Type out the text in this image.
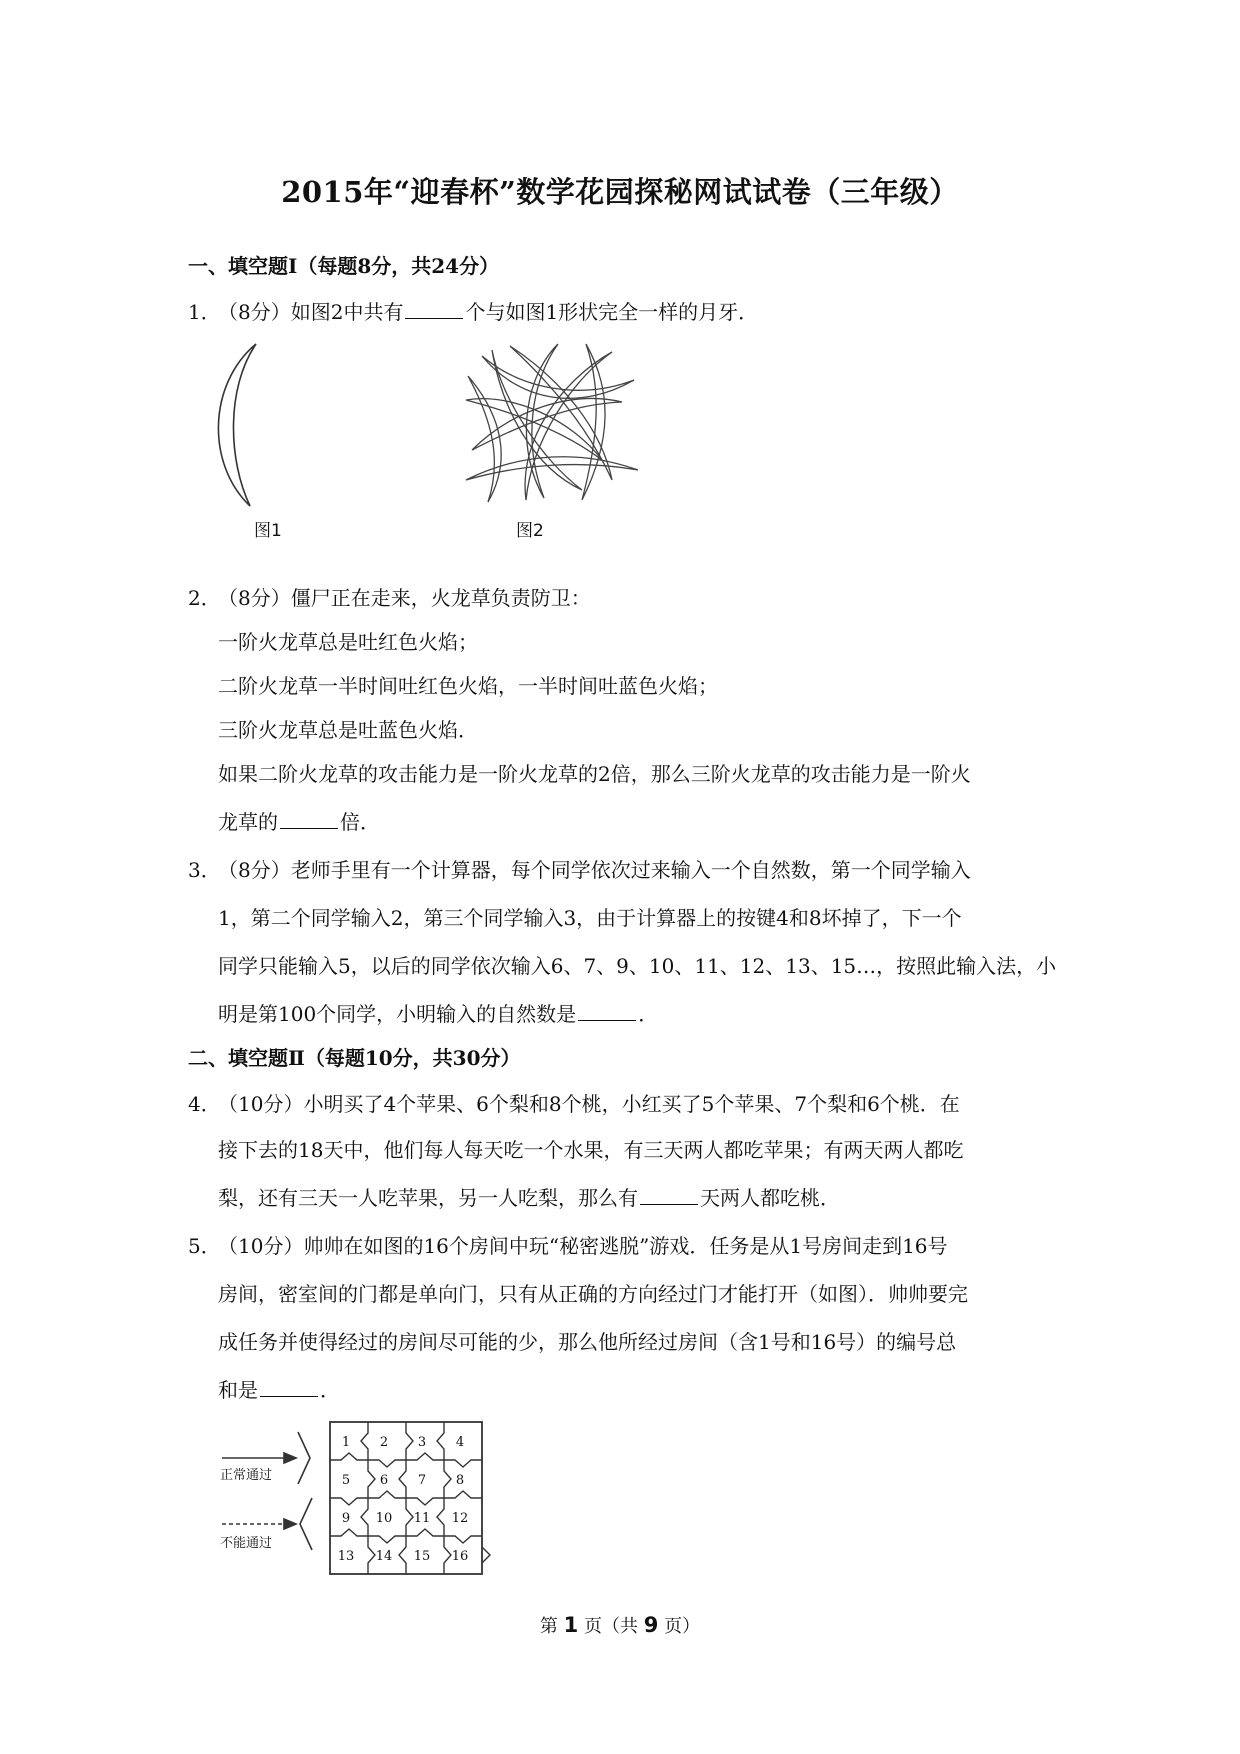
2015年“迎春杯”数学花园探秘网试试卷（三年级）
一、填空题Ⅰ（每题8分，共24分）
1．
（8分）如图2中共有	个与如图1形状完全一样的月牙．
图1	图2
2．
（8分）僵尸正在走来，火龙草负责防卫：
一阶火龙草总是吐红色火焰；
二阶火龙草一半时间吐红色火焰，一半时间吐蓝色火焰；
三阶火龙草总是吐蓝色火焰．
如果二阶火龙草的攻击能力是一阶火龙草的2倍，那么三阶火龙草的攻击能力是一阶火
龙草的	倍．
3．
（8分）老师手里有一个计算器，每个同学依次过来输入一个自然数，第一个同学输入
1，第二个同学输入2，第三个同学输入3，由于计算器上的按键4和8坏掉了，下一个
同学只能输入5，以后的同学依次输入6、7、9、10、11、12、13、15…，按照此输入法，小
明是第100个同学，小明输入的自然数是	．
二、填空题Ⅱ（每题10分，共30分）
4．
（10分）小明买了4个苹果、6个梨和8个桃，小红买了5个苹果、7个梨和6个桃．在
接下去的18天中，他们每人每天吃一个水果，有三天两人都吃苹果；有两天两人都吃
梨，还有三天一人吃苹果，另一人吃梨，那么有	天两人都吃桃．
5．
（10分）帅帅在如图的16个房间中玩“秘密逃脱”游戏．任务是从1号房间走到16号
房间，密室间的门都是单向门，只有从正确的方向经过门才能打开（如图）．帅帅要完
成任务并使得经过的房间尽可能的少，那么他所经过房间（含1号和16号）的编号总
和是	．
正常通过
不能通过
1 2 3 4
5 6 7 8
9 10 11 12
13 14 15 16
第 1 页（共 9 页）
